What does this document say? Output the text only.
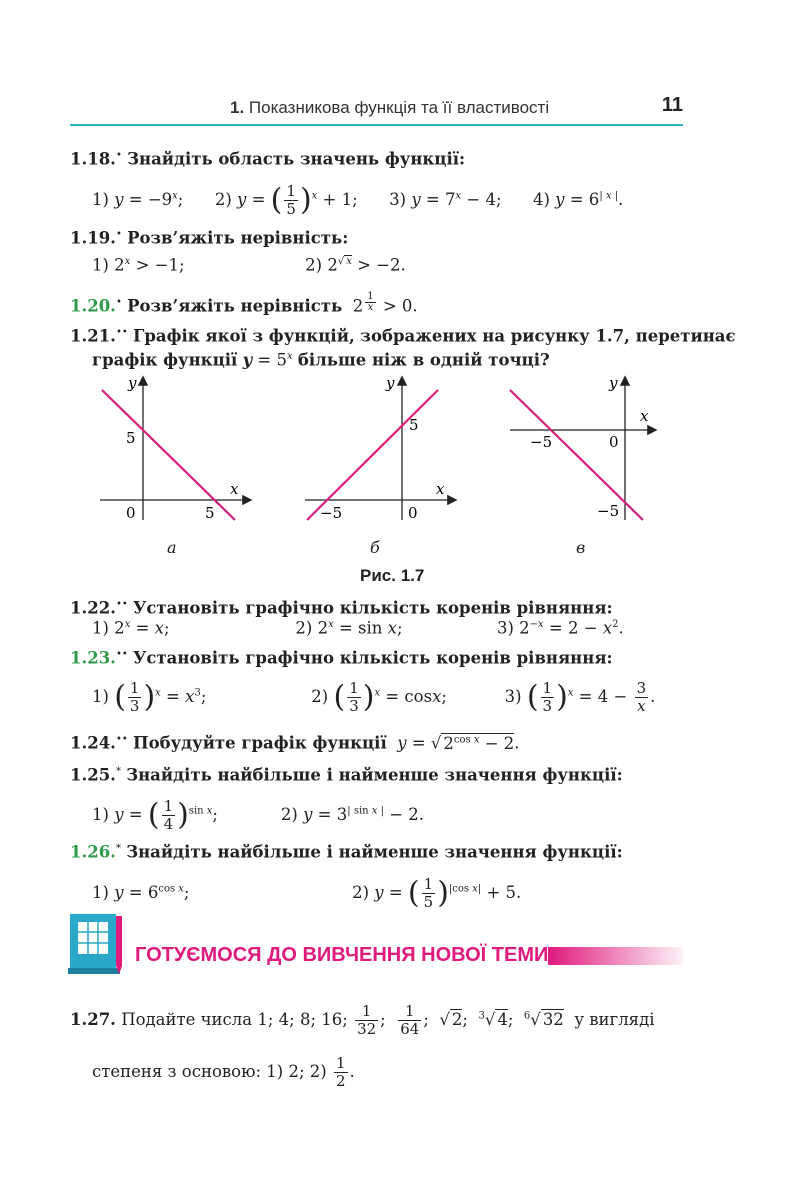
1. Показникова функція та її властивості	11
1.18.• Знайдіть область значень функції:
1) $y = -9^x$;      2) y = ( $\frac{1}{5} )^x + 1$;      3) $y = 7^x - 4$;      4) $y = 6^{| x |}$.
1.19.• Розв’яжіть нерівність:
1) $2^x > -1$;                       2) $2^{√ x} > -2$.
1.20.• Розв’яжіть нерівність  2 $^{\frac{1}{x}}$ > 0.
1.21.•• Графік якої з функцій, зображених на рисунку 1.7, перетинає
графік функції $y = 5^x$ більше ніж в одній точці?
y
x
5
5
0
y
x
5
−5	0
y
x
−5	0
−5
а	б	в
Рис. 1.7
1.22.•• Установіть графічно кількість коренів рівняння:
1) $2^x = x$;                        2) $2^x = \sin x$;                  3) $2^{-x} = 2 - x^2$.
1.23.•• Установіть графічно кількість коренів рівняння:
1) ( $\frac{1}{3} )^x = x^3$;                    2) ( $\frac{1}{3} )^x = \cos x$;           3) ( $\frac{1}{3} )^x = 4 - \frac{3}{x}$ .
1.24.•• Побудуйте графік функції y = √ $2^{cos x} - 2$.
1.25.* Знайдіть найбільше і найменше значення функції:
1) y = ( $\frac{1}{4} )^{sin x}$;            2) $y = 3^{| sin x |} - 2$.
1.26.* Знайдіть найбільше і найменше значення функції:
1) $y = 6^{cos x}$;                               2) y = ( $\frac{1}{5} )^{|cos x|} + 5$.
ГОТУЄМОСЯ ДО ВИВЧЕННЯ НОВОЇ ТЕМИ
1.27. Подайте числа 1; 4; 8; 16; $\frac{1}{32}$ ; $\frac{1}{64}$ ;  √ 2;  $^3$√ 4;  $^6$√ 32 у вигляді
степеня з основою: 1) 2; $2) \frac{1}{2}$ .
